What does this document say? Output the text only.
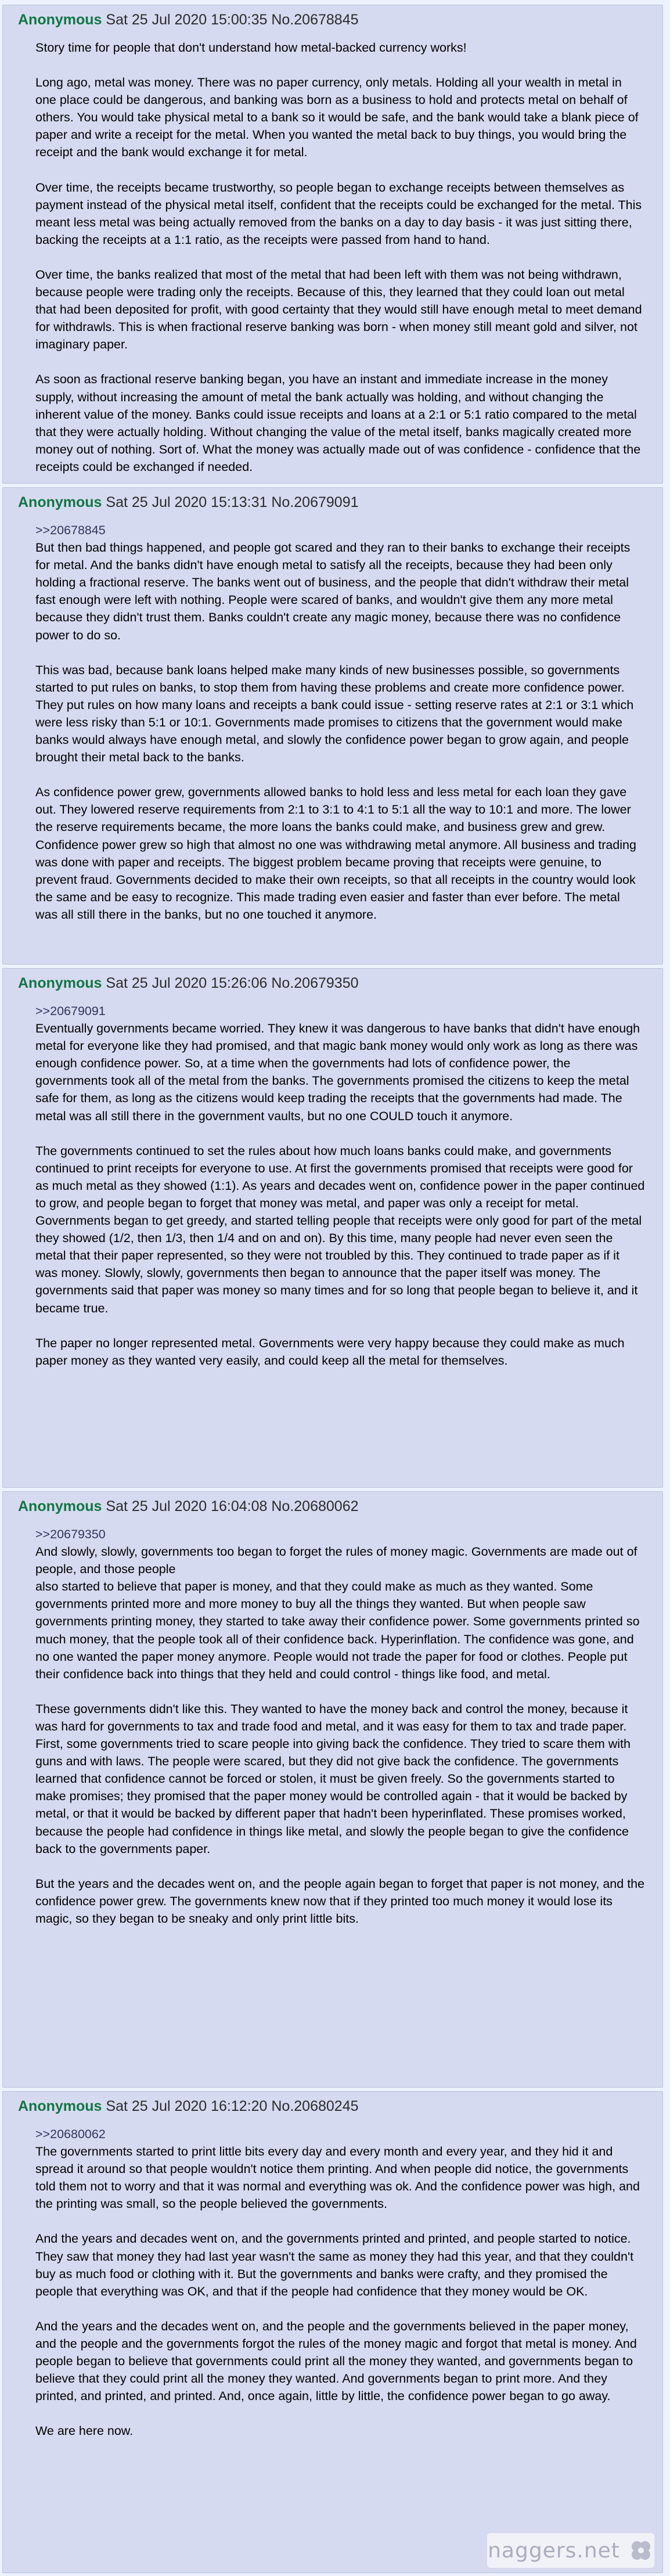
Anonymous Sat 25 Jul 2020 15:00:35 No.20678845

Story time for people that don't understand how metal-backed currency works!

Long ago, metal was money. There was no paper currency, only metals. Holding all your wealth in metal in one place could be dangerous, and banking was born as a business to hold and protects metal on behalf of others. You would take physical metal to a bank so it would be safe, and the bank would take a blank piece of paper and write a receipt for the metal. When you wanted the metal back to buy things, you would bring the receipt and the bank would exchange it for metal.

Over time, the receipts became trustworthy, so people began to exchange receipts between themselves as payment instead of the physical metal itself, confident that the receipts could be exchanged for the metal. This meant less metal was being actually removed from the banks on a day to day basis - it was just sitting there, backing the receipts at a 1:1 ratio, as the receipts were passed from hand to hand.

Over time, the banks realized that most of the metal that had been left with them was not being withdrawn, because people were trading only the receipts. Because of this, they learned that they could loan out metal that had been deposited for profit, with good certainty that they would still have enough metal to meet demand for withdrawls. This is when fractional reserve banking was born - when money still meant gold and silver, not imaginary paper.

As soon as fractional reserve banking began, you have an instant and immediate increase in the money supply, without increasing the amount of metal the bank actually was holding, and without changing the inherent value of the money. Banks could issue receipts and loans at a 2:1 or 5:1 ratio compared to the metal that they were actually holding. Without changing the value of the metal itself, banks magically created more money out of nothing. Sort of. What the money was actually made out of was confidence - confidence that the receipts could be exchanged if needed.

Anonymous Sat 25 Jul 2020 15:13:31 No.20679091
>>20678845

But then bad things happened, and people got scared and they ran to their banks to exchange their receipts for metal. And the banks didn't have enough metal to satisfy all the receipts, because they had been only holding a fractional reserve. The banks went out of business, and the people that didn't withdraw their metal fast enough were left with nothing. People were scared of banks, and wouldn't give them any more metal because they didn't trust them. Banks couldn't create any magic money, because there was no confidence power to do so.

This was bad, because bank loans helped make many kinds of new businesses possible, so governments started to put rules on banks, to stop them from having these problems and create more confidence power. They put rules on how many loans and receipts a bank could issue - setting reserve rates at 2:1 or 3:1 which were less risky than 5:1 or 10:1. Governments made promises to citizens that the government would make banks would always have enough metal, and slowly the confidence power began to grow again, and people brought their metal back to the banks.

As confidence power grew, governments allowed banks to hold less and less metal for each loan they gave out. They lowered reserve requirements from 2:1 to 3:1 to 4:1 to 5:1 all the way to 10:1 and more. The lower the reserve requirements became, the more loans the banks could make, and business grew and grew. Confidence power grew so high that almost no one was withdrawing metal anymore. All business and trading was done with paper and receipts. The biggest problem became proving that receipts were genuine, to prevent fraud. Governments decided to make their own receipts, so that all receipts in the country would look the same and be easy to recognize. This made trading even easier and faster than ever before. The metal was all still there in the banks, but no one touched it anymore.

Anonymous Sat 25 Jul 2020 15:26:06 No.20679350
>>20679091

Eventually governments became worried. They knew it was dangerous to have banks that didn't have enough metal for everyone like they had promised, and that magic bank money would only work as long as there was enough confidence power. So, at a time when the governments had lots of confidence power, the governments took all of the metal from the banks. The governments promised the citizens to keep the metal safe for them, as long as the citizens would keep trading the receipts that the governments had made. The metal was all still there in the government vaults, but no one COULD touch it anymore.

The governments continued to set the rules about how much loans banks could make, and governments continued to print receipts for everyone to use. At first the governments promised that receipts were good for as much metal as they showed (1:1). As years and decades went on, confidence power in the paper continued to grow, and people began to forget that money was metal, and paper was only a receipt for metal. Governments began to get greedy, and started telling people that receipts were only good for part of the metal they showed (1/2, then 1/3, then 1/4 and on and on). By this time, many people had never even seen the metal that their paper represented, so they were not troubled by this. They continued to trade paper as if it was money. Slowly, slowly, governments then began to announce that the paper itself was money. The governments said that paper was money so many times and for so long that people began to believe it, and it became true.

The paper no longer represented metal. Governments were very happy because they could make as much paper money as they wanted very easily, and could keep all the metal for themselves.

Anonymous Sat 25 Jul 2020 16:04:08 No.20680062
>>20679350

And slowly, slowly, governments too began to forget the rules of money magic. Governments are made out of people, and those people
also started to believe that paper is money, and that they could make as much as they wanted. Some governments printed more and more money to buy all the things they wanted. But when people saw governments printing money, they started to take away their confidence power. Some governments printed so much money, that the people took all of their confidence back. Hyperinflation. The confidence was gone, and no one wanted the paper money anymore. People would not trade the paper for food or clothes. People put their confidence back into things that they held and could control - things like food, and metal.

These governments didn't like this. They wanted to have the money back and control the money, because it was hard for governments to tax and trade food and metal, and it was easy for them to tax and trade paper. First, some governments tried to scare people into giving back the confidence. They tried to scare them with guns and with laws. The people were scared, but they did not give back the confidence. The governments learned that confidence cannot be forced or stolen, it must be given freely. So the governments started to make promises; they promised that the paper money would be controlled again - that it would be backed by metal, or that it would be backed by different paper that hadn't been hyperinflated. These promises worked, because the people had confidence in things like metal, and slowly the people began to give the confidence back to the governments paper.

But the years and the decades went on, and the people again began to forget that paper is not money, and the confidence power grew. The governments knew now that if they printed too much money it would lose its magic, so they began to be sneaky and only print little bits.

Anonymous Sat 25 Jul 2020 16:12:20 No.20680245
>>20680062

The governments started to print little bits every day and every month and every year, and they hid it and spread it around so that people wouldn't notice them printing. And when people did notice, the governments told them not to worry and that it was normal and everything was ok. And the confidence power was high, and the printing was small, so the people believed the governments.

And the years and decades went on, and the governments printed and printed, and people started to notice. They saw that money they had last year wasn't the same as money they had this year, and that they couldn't buy as much food or clothing with it. But the governments and banks were crafty, and they promised the people that everything was OK, and that if the people had confidence that they money would be OK.

And the years and the decades went on, and the people and the governments believed in the paper money, and the people and the governments forgot the rules of the money magic and forgot that metal is money. And people began to believe that governments could print all the money they wanted, and governments began to believe that they could print all the money they wanted. And governments began to print more. And they printed, and printed, and printed. And, once again, little by little, the confidence power began to go away.

We are here now.

naggers.net
